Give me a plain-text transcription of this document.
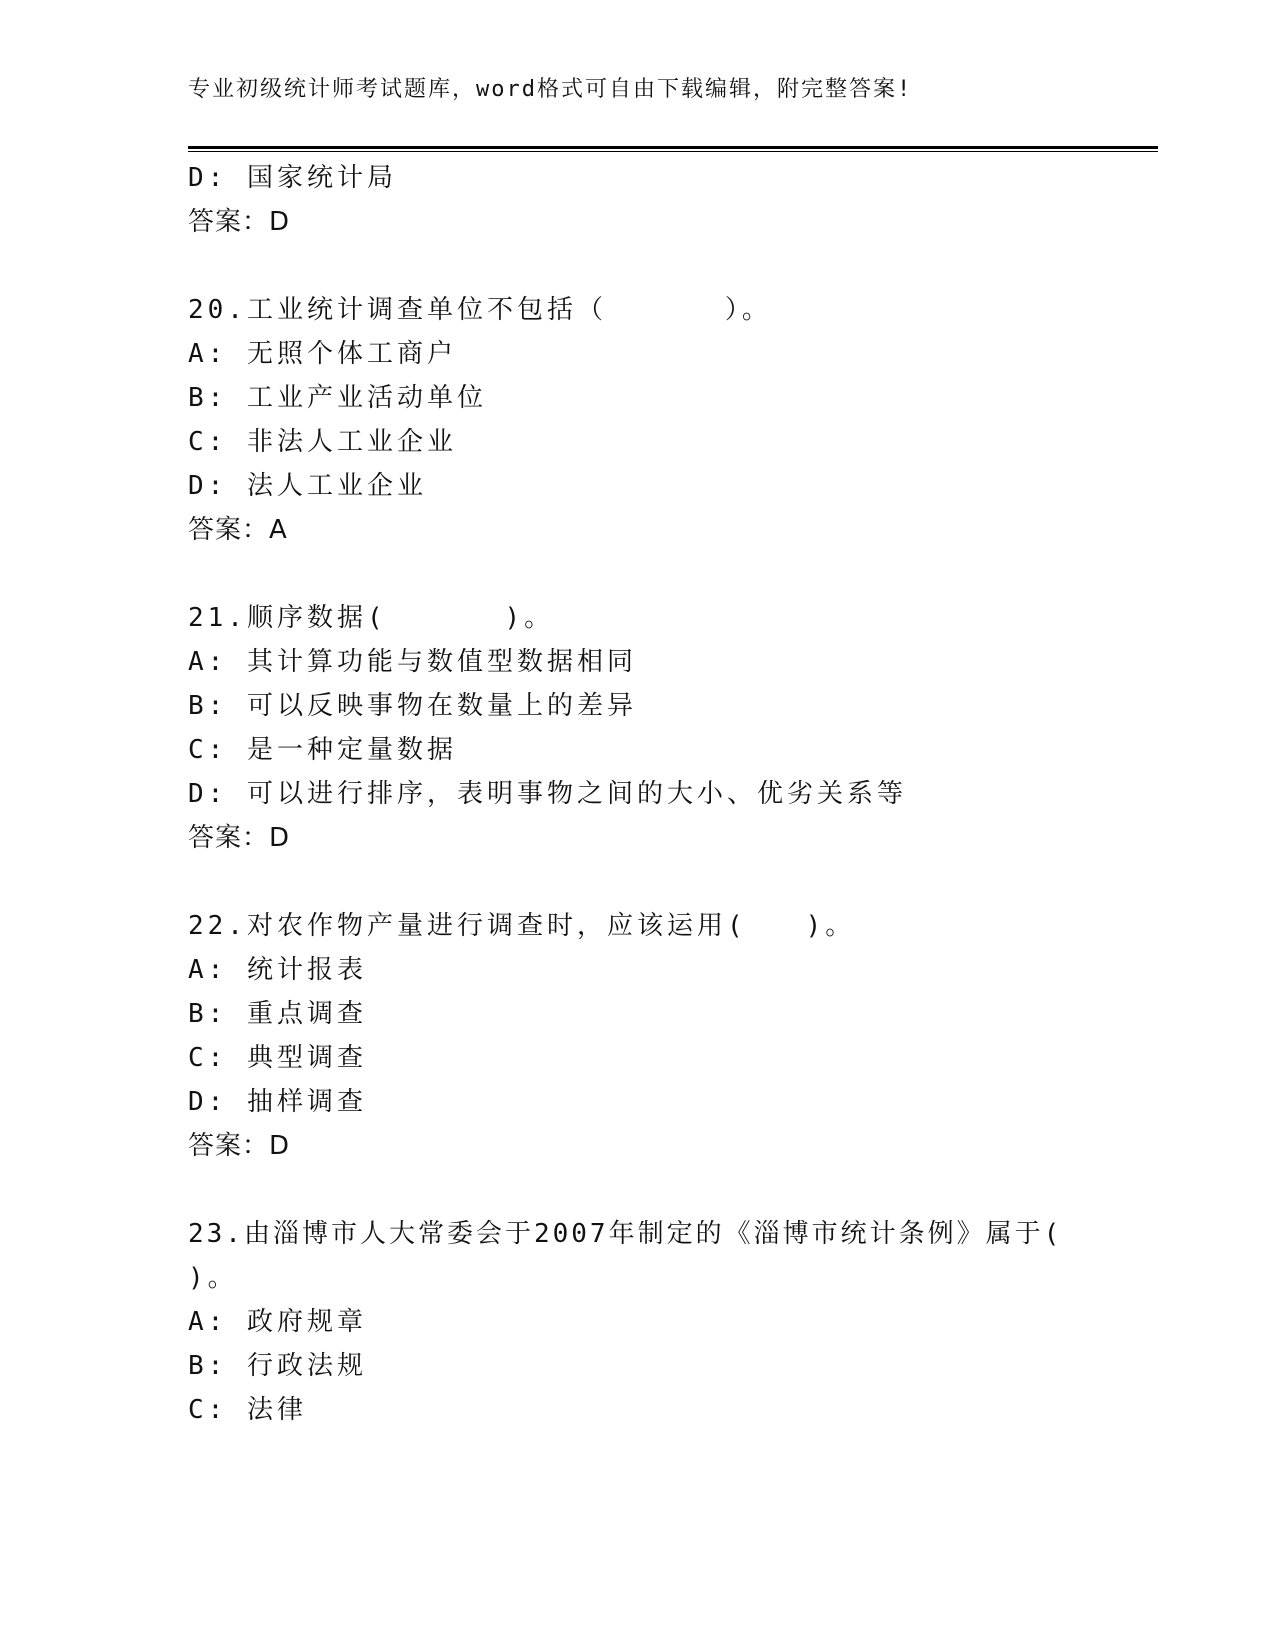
专业初级统计师考试题库，word格式可自由下载编辑，附完整答案!
D: 国家统计局
答案：D
20.工业统计调查单位不包括（      ）。
A: 无照个体工商户
B: 工业产业活动单位
C: 非法人工业企业
D: 法人工业企业
答案：A
21.顺序数据(      )。
A: 其计算功能与数值型数据相同
B: 可以反映事物在数量上的差异
C: 是一种定量数据
D: 可以进行排序，表明事物之间的大小、优劣关系等
答案：D
22.对农作物产量进行调查时，应该运用(   )。
A: 统计报表
B: 重点调查
C: 典型调查
D: 抽样调查
答案：D
23.由淄博市人大常委会于2007年制定的《淄博市统计条例》属于(
)。
A: 政府规章
B: 行政法规
C: 法律
